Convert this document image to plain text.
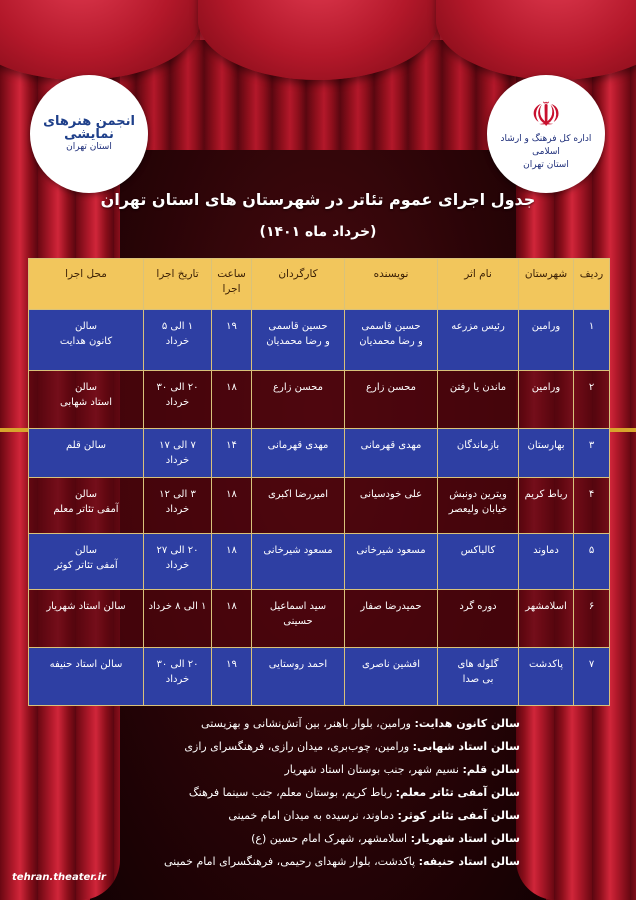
انجمن هنرهای نمایشی
استان تهران
☫
اداره کل فرهنگ و ارشاد اسلامی
استان تهران
جدول اجرای عموم تئاتر در شهرستان های استان تهران
(خرداد ماه ۱۴۰۱)
ردیف
شهرستان
نام اثر
نویسنده
کارگردان
ساعت
اجرا
تاریخ اجرا
محل اجرا
۱
ورامین
رئیس مزرعه
حسین قاسمی
و رضا محمدیان
حسین قاسمی
و رضا محمدیان
۱۹
۱ الی ۵
خرداد
سالن
کانون هدایت
۲
ورامین
ماندن یا رفتن
محسن زارع
محسن زارع
۱۸
۲۰ الی ۳۰
خرداد
سالن
استاد شهابی
۳
بهارستان
بازماندگان
مهدی قهرمانی
مهدی قهرمانی
۱۴
۷ الی ۱۷
خرداد
سالن قلم
۴
رباط کریم
ویترین دونبش
خیابان ولیعصر
علی خودسیانی
امیررضا اکبری
۱۸
۳ الی ۱۲
خرداد
سالن
آمفی تئاتر معلم
۵
دماوند
کالباکس
مسعود شیرخانی
مسعود شیرخانی
۱۸
۲۰ الی ۲۷
خرداد
سالن
آمفی تئاتر کوثر
۶
اسلامشهر
دوره گرد
حمیدرضا صفار
سید اسماعیل
حسینی
۱۸
۱ الی ۸ خرداد
سالن استاد شهریار
۷
پاکدشت
گلوله های
بی صدا
افشین ناصری
احمد روستایی
۱۹
۲۰ الی ۳۰
خرداد
سالن استاد حنیفه
سالن کانون هدایت: ورامین، بلوار باهنر، بین آتش‌نشانی و بهزیستی
سالن استاد شهابی: ورامین، چوب‌بری، میدان رازی، فرهنگسرای رازی
سالن قلم: نسیم شهر، جنب بوستان استاد شهریار
سالن آمفی تئاتر معلم: رباط کریم، بوستان معلم، جنب سینما فرهنگ
سالن آمفی تئاتر کوثر: دماوند، نرسیده به میدان امام خمینی
سالن استاد شهریار: اسلامشهر، شهرک امام حسین (ع)
سالن استاد حنیفه: پاکدشت، بلوار شهدای رحیمی، فرهنگسرای امام خمینی
tehran.theater.ir
